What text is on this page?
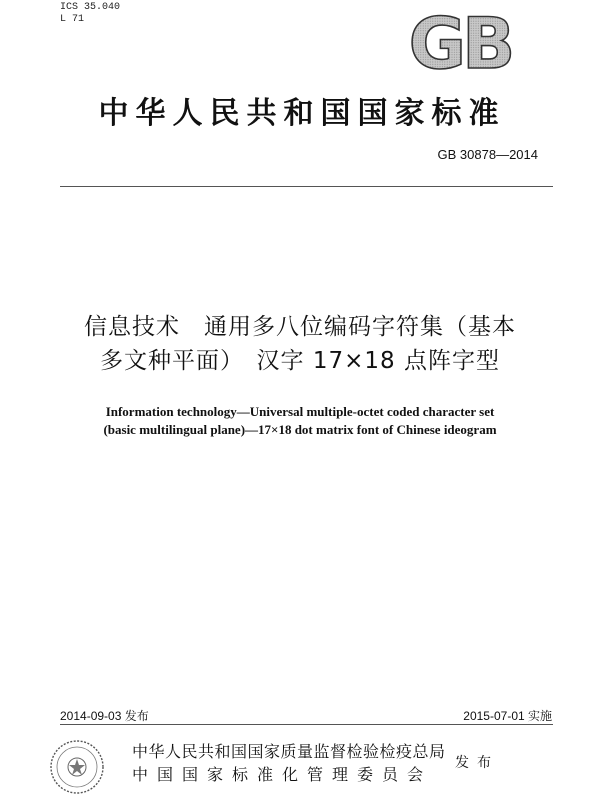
ICS 35.040
L 71	GB
中华人民共和国国家标准
GB 30878—2014
信息技术　通用多八位编码字符集（基本
多文种平面）　汉字 17×18 点阵字型
Information technology—Universal multiple-octet coded character set
(basic multilingual plane)—17×18 dot matrix font of Chinese ideogram
2014-09-03 发布	2015-07-01 实施
中华人民共和国国家质量监督检验检疫总局
中国国家标准化管理委员会
发布
